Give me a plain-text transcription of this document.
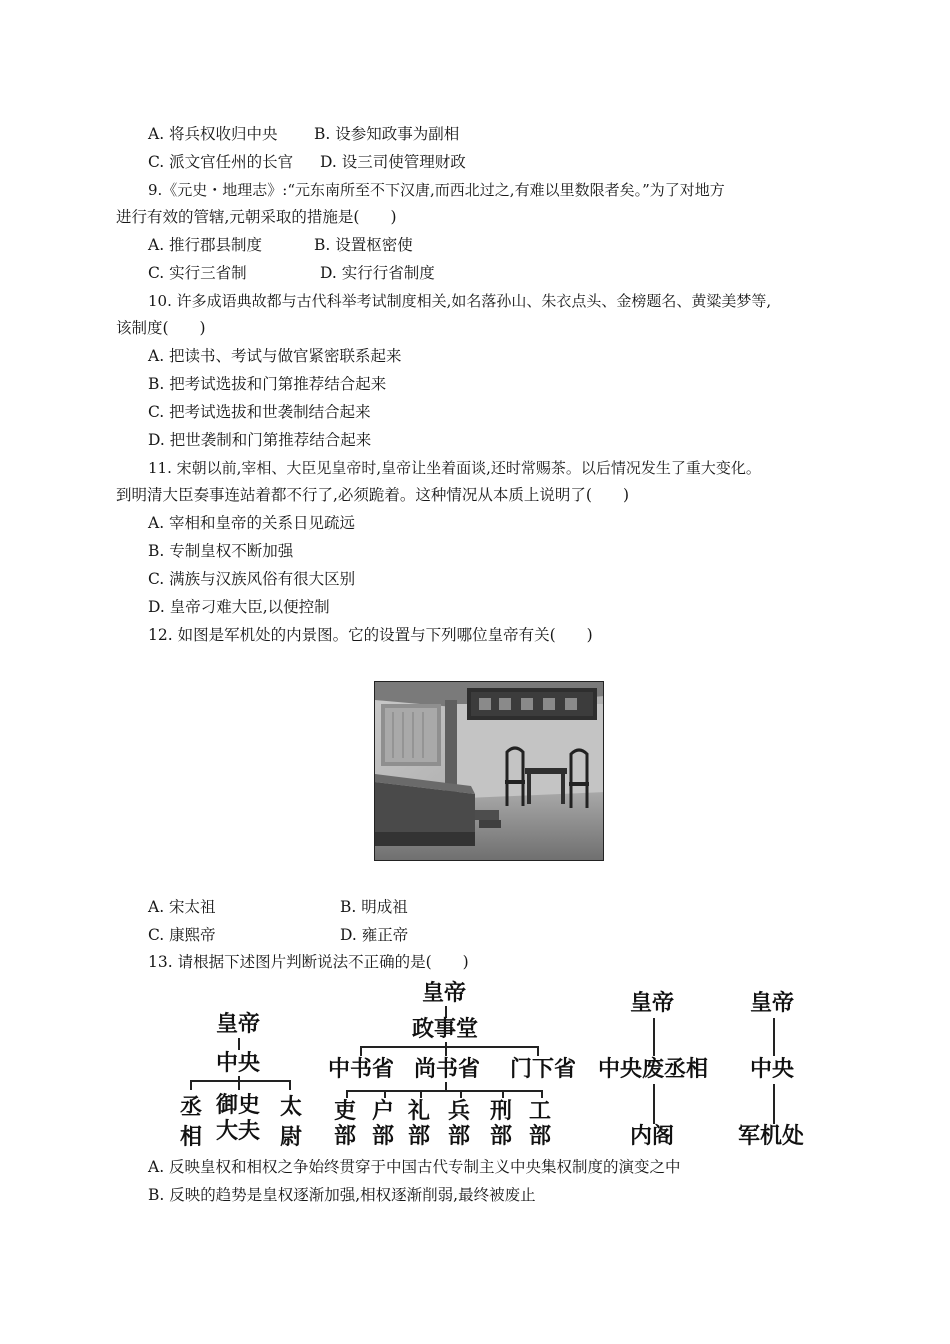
A. 将兵权收归中央 B. 设参知政事为副相
C. 派文官任州的长官 D. 设三司使管理财政
9.《元史・地理志》:“元东南所至不下汉唐,而西北过之,有难以里数限者矣。”为了对地方
进行有效的管辖,元朝采取的措施是(　　)
A. 推行郡县制度	B. 设置枢密使
C. 实行三省制	D. 实行行省制度
10. 许多成语典故都与古代科举考试制度相关,如名落孙山、朱衣点头、金榜题名、黄粱美梦等,
该制度(　　)
A. 把读书、考试与做官紧密联系起来
B. 把考试选拔和门第推荐结合起来
C. 把考试选拔和世袭制结合起来
D. 把世袭制和门第推荐结合起来
11. 宋朝以前,宰相、大臣见皇帝时,皇帝让坐着面谈,还时常赐茶。以后情况发生了重大变化。
到明清大臣奏事连站着都不行了,必须跪着。这种情况从本质上说明了(　　)
A. 宰相和皇帝的关系日见疏远
B. 专制皇权不断加强
C. 满族与汉族风俗有很大区别
D. 皇帝刁难大臣,以便控制
12. 如图是军机处的内景图。它的设置与下列哪位皇帝有关(　　)
A. 宋太祖	B. 明成祖
C. 康熙帝	D. 雍正帝
13. 请根据下述图片判断说法不正确的是(　　)
皇帝
中央
丞相
御史大夫
太尉
皇帝
政事堂
中书省 尚书省 门下省
吏部
户部
礼部
兵部
刑部
工部
皇帝
中央废丞相
内阁
皇帝
中央
军机处
A. 反映皇权和相权之争始终贯穿于中国古代专制主义中央集权制度的演变之中
B. 反映的趋势是皇权逐渐加强,相权逐渐削弱,最终被废止
